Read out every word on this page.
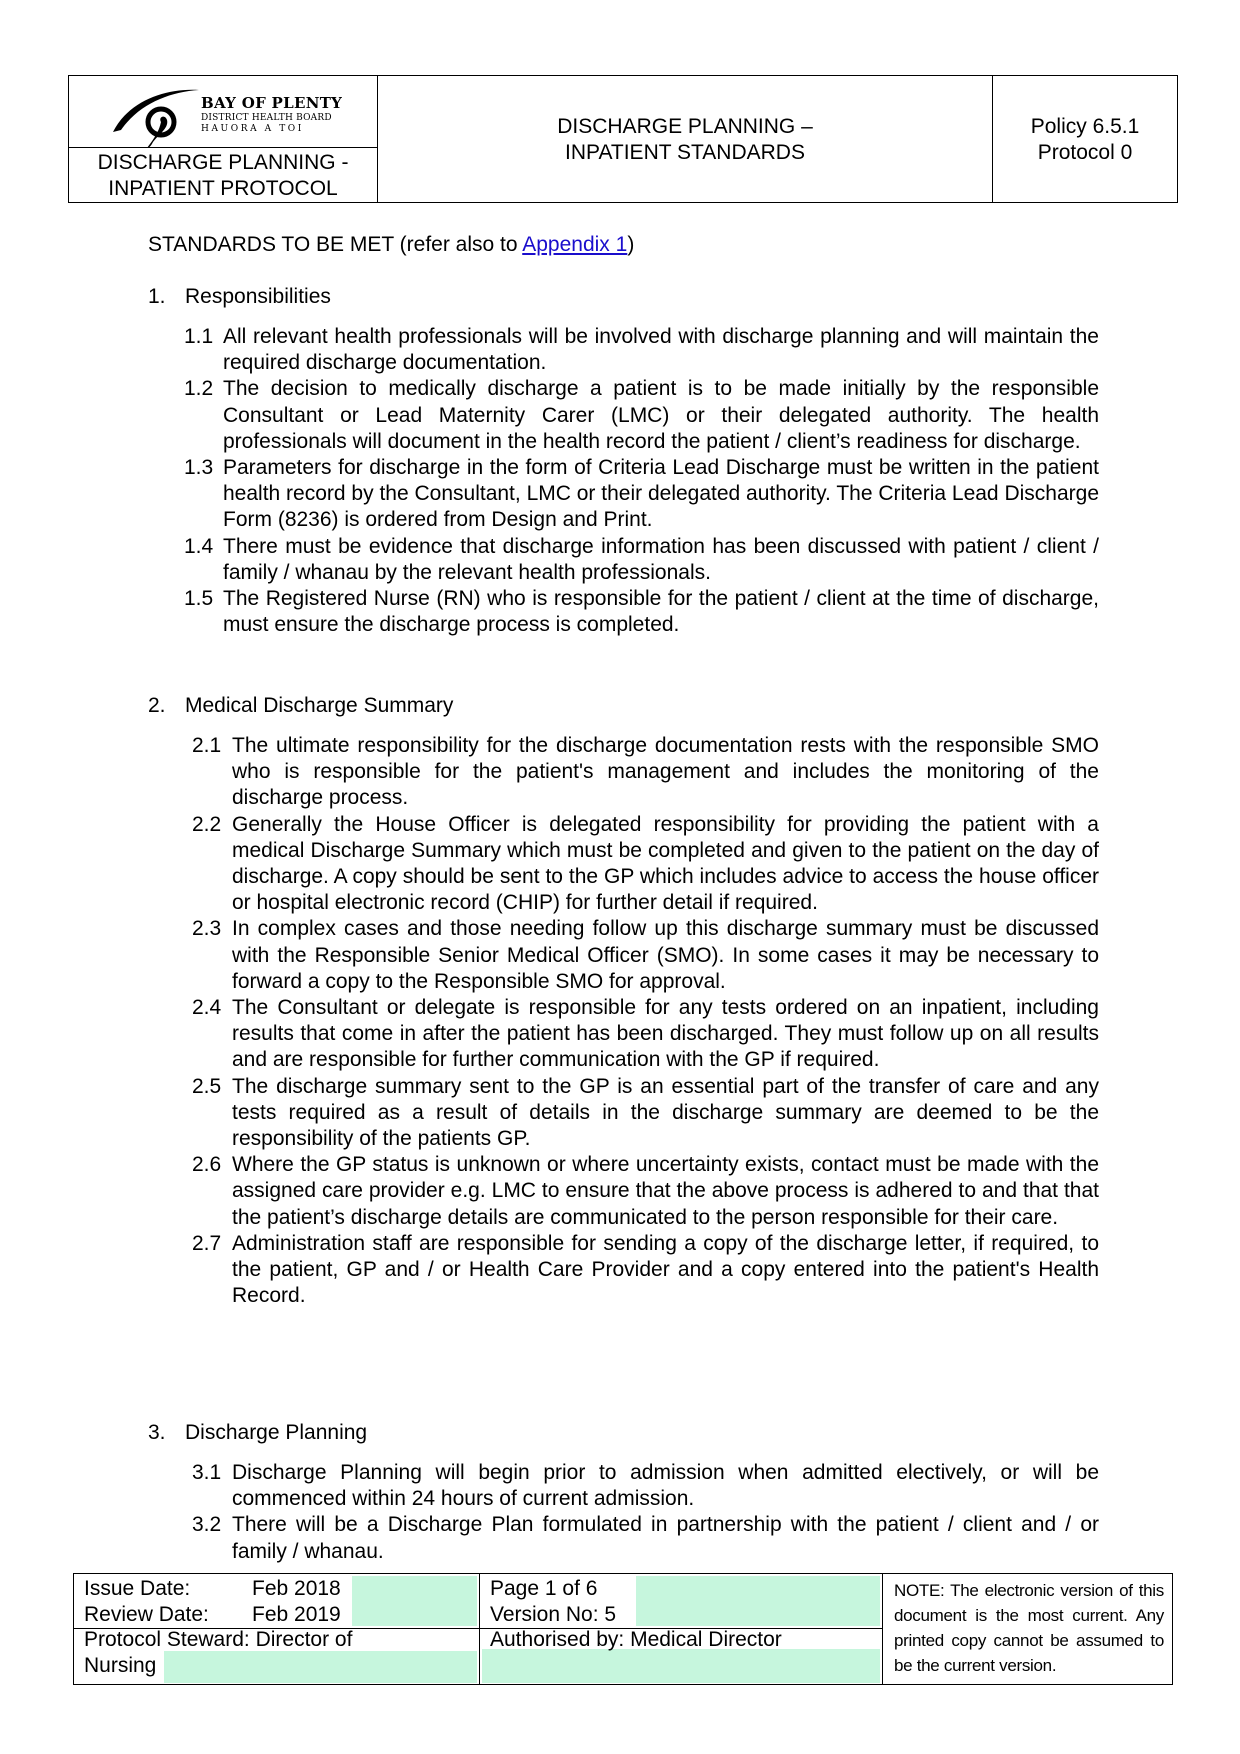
BAY OF PLENTY
DISTRICT HEALTH BOARD
HAUORA A TOI
DISCHARGE PLANNING -
INPATIENT PROTOCOL
DISCHARGE PLANNING –
INPATIENT STANDARDS
Policy 6.5.1
Protocol 0
STANDARDS TO BE MET (refer also to Appendix 1)
1. Responsibilities
1.1 All relevant health professionals will be involved with discharge planning and will maintain the required discharge documentation.
1.2 The decision to medically discharge a patient is to be made initially by the responsible Consultant or Lead Maternity Carer (LMC) or their delegated authority. The health professionals will document in the health record the patient / client’s readiness for discharge.
1.3 Parameters for discharge in the form of Criteria Lead Discharge must be written in the patient health record by the Consultant, LMC or their delegated authority. The Criteria Lead Discharge Form (8236) is ordered from Design and Print.
1.4 There must be evidence that discharge information has been discussed with patient / client / family / whanau by the relevant health professionals.
1.5 The Registered Nurse (RN) who is responsible for the patient / client at the time of discharge, must ensure the discharge process is completed.
2. Medical Discharge Summary
2.1 The ultimate responsibility for the discharge documentation rests with the responsible SMO who is responsible for the patient's management and includes the monitoring of the discharge process.
2.2 Generally the House Officer is delegated responsibility for providing the patient with a medical Discharge Summary which must be completed and given to the patient on the day of discharge. A copy should be sent to the GP which includes advice to access the house officer or hospital electronic record (CHIP) for further detail if required.
2.3 In complex cases and those needing follow up this discharge summary must be discussed with the Responsible Senior Medical Officer (SMO). In some cases it may be necessary to forward a copy to the Responsible SMO for approval.
2.4 The Consultant or delegate is responsible for any tests ordered on an inpatient, including results that come in after the patient has been discharged. They must follow up on all results and are responsible for further communication with the GP if required.
2.5 The discharge summary sent to the GP is an essential part of the transfer of care and any tests required as a result of details in the discharge summary are deemed to be the responsibility of the patients GP.
2.6 Where the GP status is unknown or where uncertainty exists, contact must be made with the assigned care provider e.g. LMC to ensure that the above process is adhered to and that that the patient’s discharge details are communicated to the person responsible for their care.
2.7 Administration staff are responsible for sending a copy of the discharge letter, if required, to the patient, GP and / or Health Care Provider and a copy entered into the patient's Health Record.
3. Discharge Planning
3.1 Discharge Planning will begin prior to admission when admitted electively, or will be commenced within 24 hours of current admission.
3.2 There will be a Discharge Plan formulated in partnership with the patient / client and / or family / whanau.
Issue Date:	Feb 2018
Review Date: Feb 2019
Protocol Steward: Director of
Nursing
Page 1 of 6
Version No: 5
Authorised by: Medical Director
NOTE: The electronic version of this document is the most current. Any printed copy cannot be assumed to be the current version.
